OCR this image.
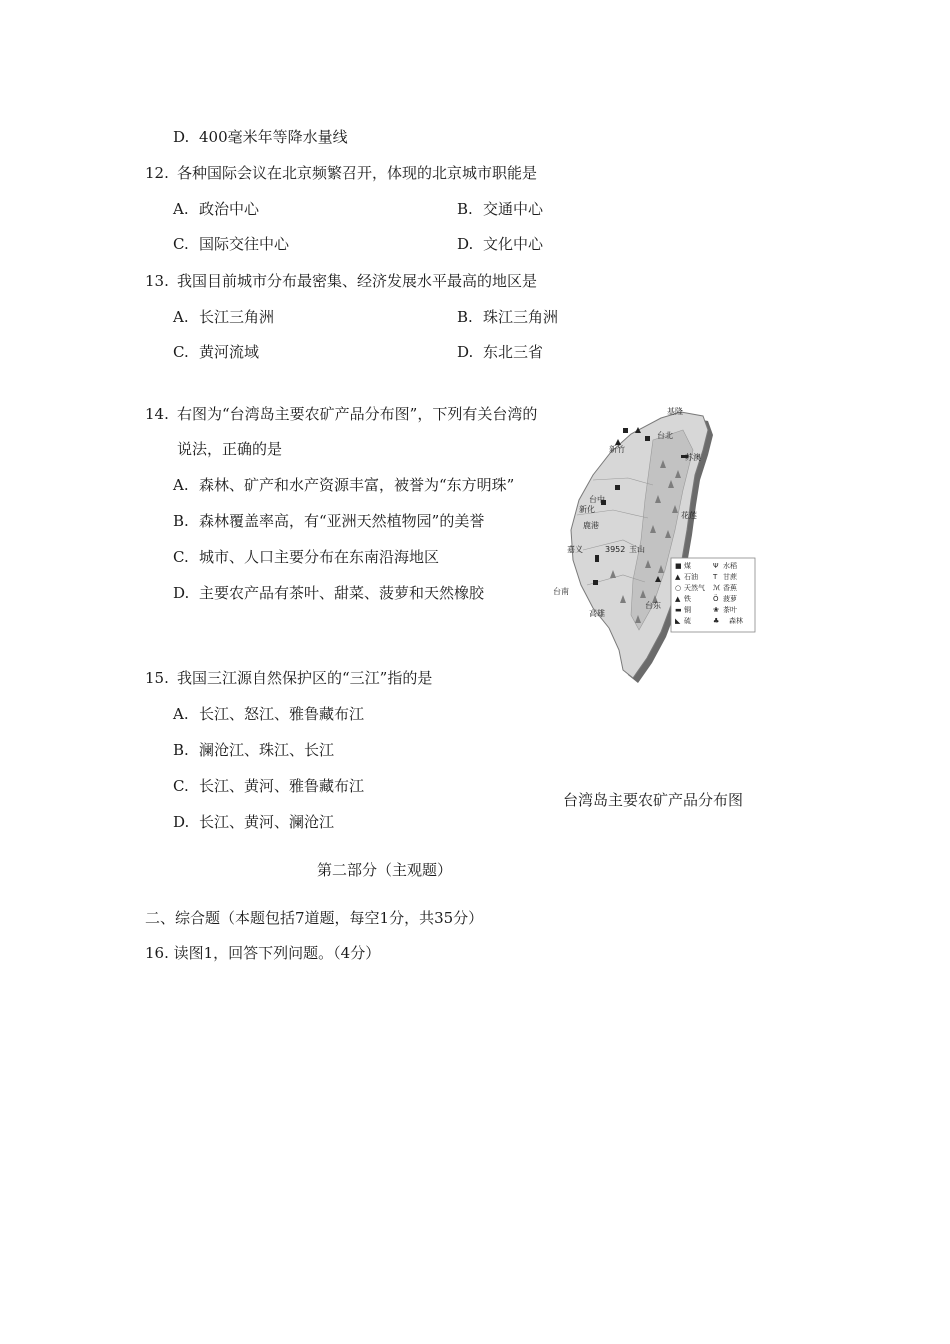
D. 400毫米年等降水量线
12. 各种国际会议在北京频繁召开，体现的北京城市职能是
A. 政治中心	B. 交通中心
C. 国际交往中心	D. 文化中心
13. 我国目前城市分布最密集、经济发展水平最高的地区是
A. 长江三角洲	B. 珠江三角洲
C. 黄河流域	D. 东北三省
14. 右图为“台湾岛主要农矿产品分布图”，下列有关台湾的
说法，正确的是
A. 森林、矿产和水产资源丰富，被誉为“东方明珠”
B. 森林覆盖率高，有“亚洲天然植物园”的美誉
C. 城市、人口主要分布在东南沿海地区
D. 主要农产品有茶叶、甜菜、菠萝和天然橡胶
基隆
台北
新竹
台中
嘉义
台南
高雄
花莲
苏澳
台东
新化
鹿港
玉山
3952
■ 煤	Ψ 水稻
▲ 石油 T 甘蔗
○ 天然气 ℳ 香蕉
▲ 铁	Ö 菠萝
▬ 铜	❀ 茶叶
◣ 硫	♣ 森林
台湾岛主要农矿产品分布图
15. 我国三江源自然保护区的“三江”指的是
A. 长江、怒江、雅鲁藏布江
B. 澜沧江、珠江、长江
C. 长江、黄河、雅鲁藏布江
D. 长江、黄河、澜沧江
第二部分（主观题）
二、综合题（本题包括7道题，每空1分，共35分）
16. 读图1，回答下列问题。（4分）
